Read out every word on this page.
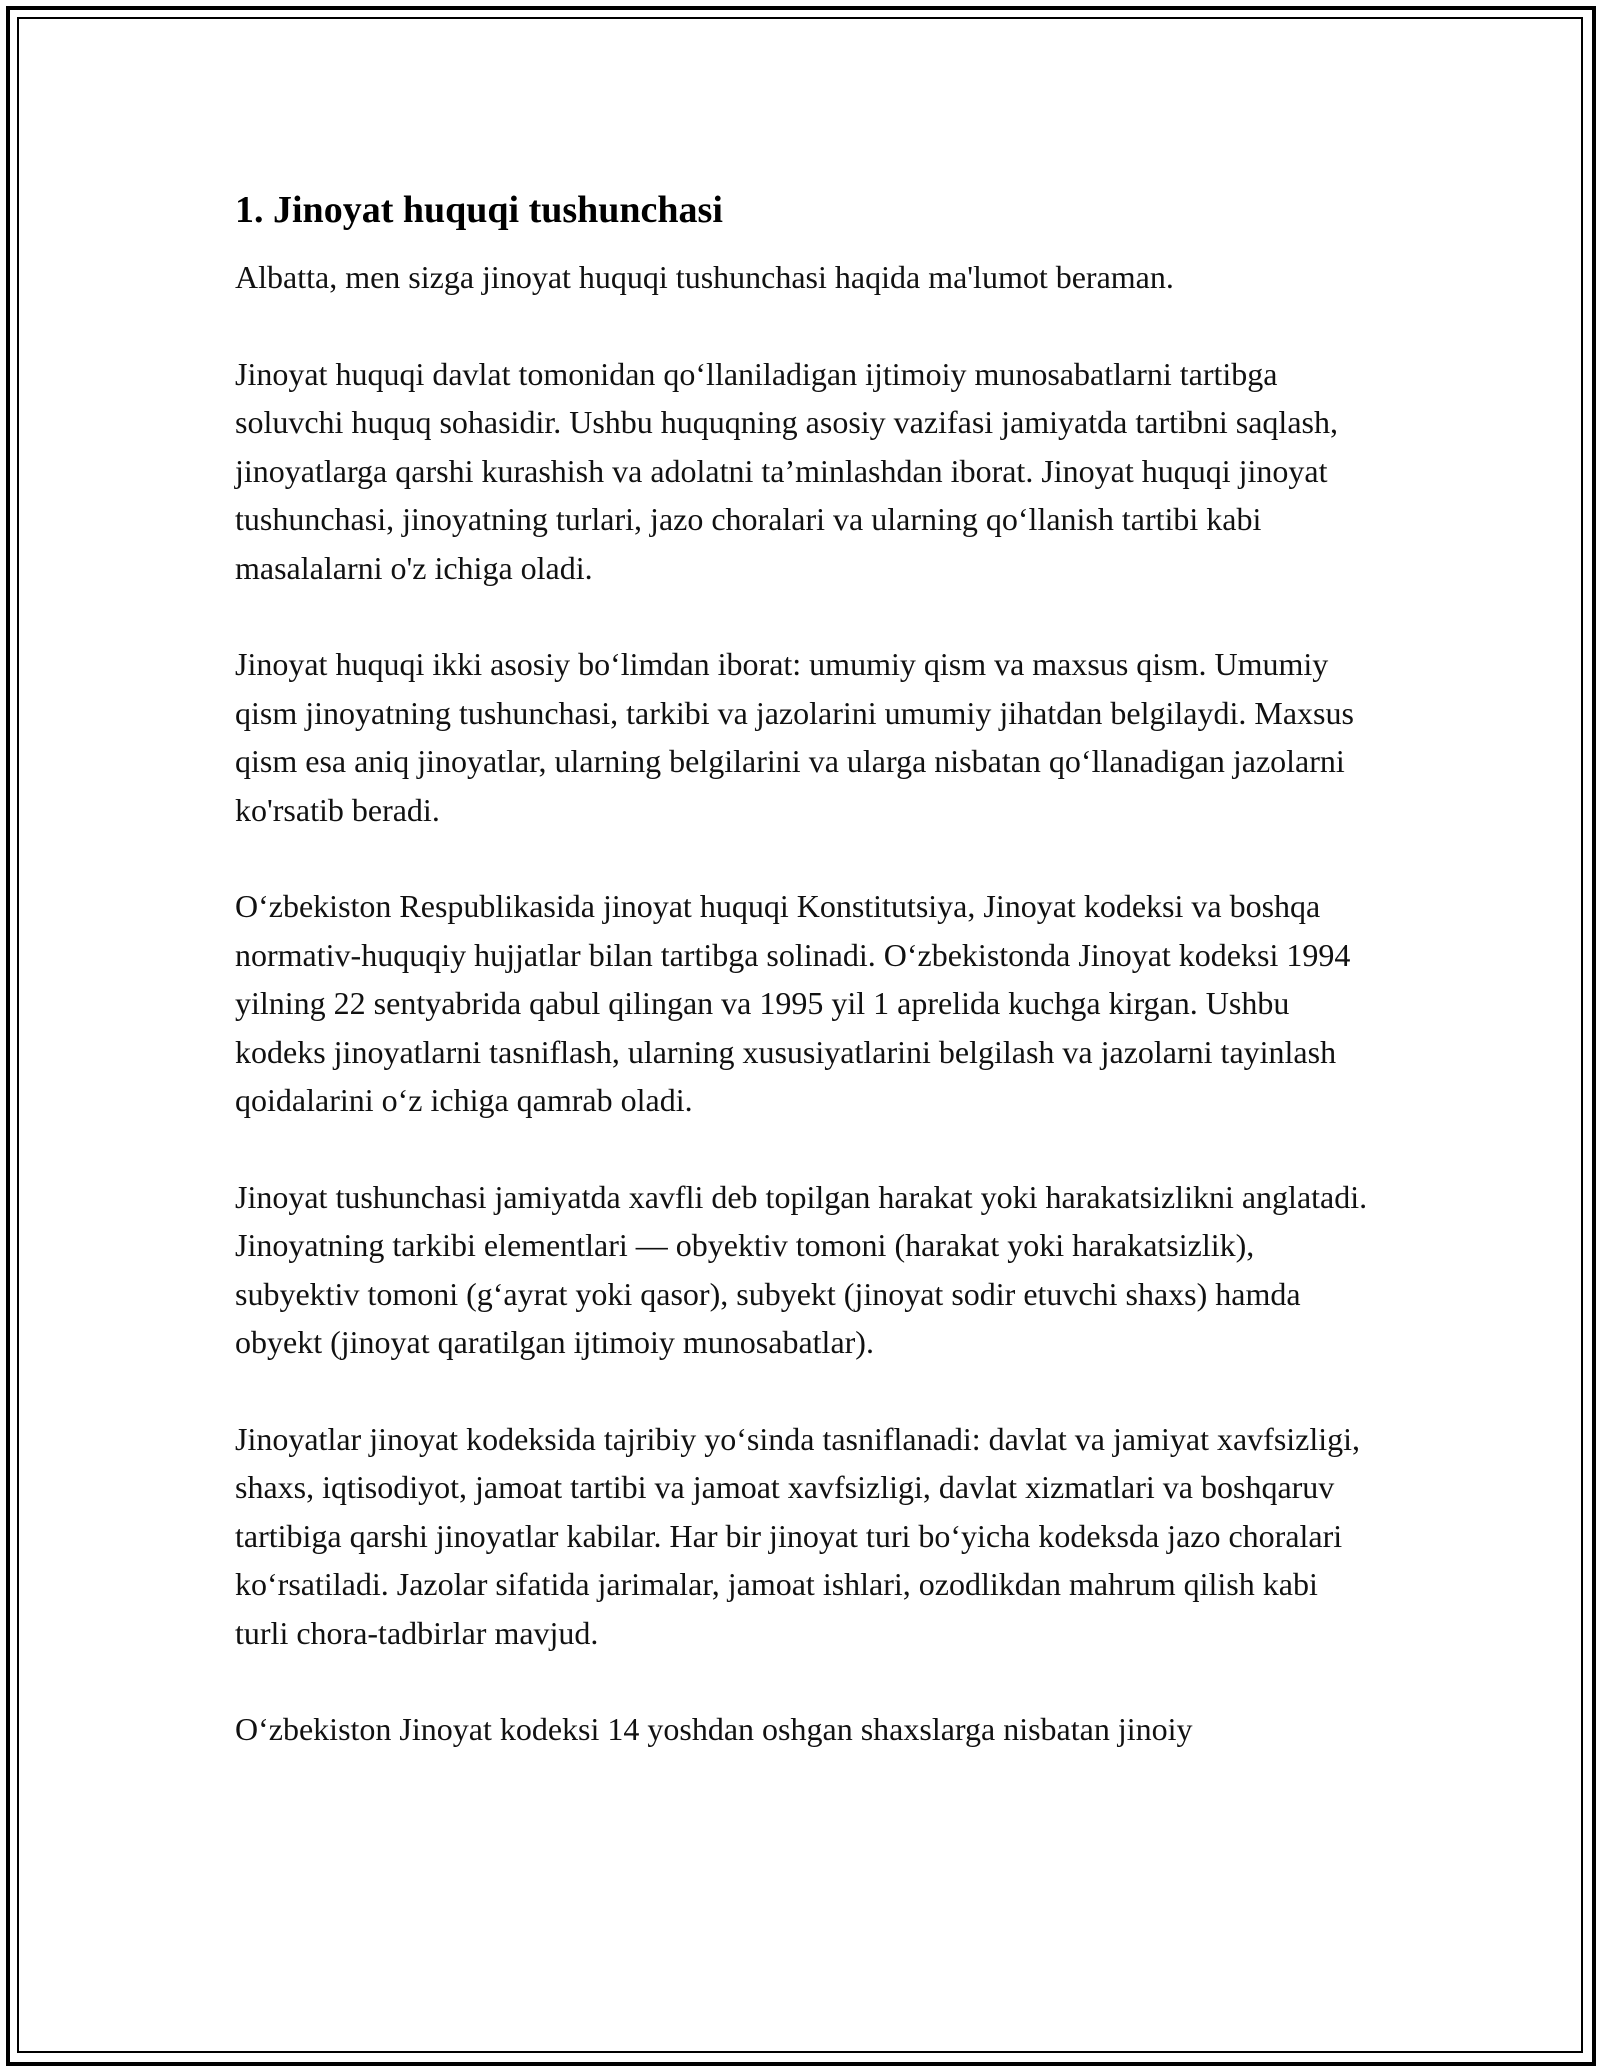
1. Jinoyat huquqi tushunchasi

Albatta, men sizga jinoyat huquqi tushunchasi haqida ma'lumot beraman.

Jinoyat huquqi davlat tomonidan qo‘llaniladigan ijtimoiy munosabatlarni tartibga soluvchi huquq sohasidir. Ushbu huquqning asosiy vazifasi jamiyatda tartibni saqlash, jinoyatlarga qarshi kurashish va adolatni ta’minlashdan iborat. Jinoyat huquqi jinoyat tushunchasi, jinoyatning turlari, jazo choralari va ularning qo‘llanish tartibi kabi masalalarni o'z ichiga oladi.

Jinoyat huquqi ikki asosiy bo‘limdan iborat: umumiy qism va maxsus qism. Umumiy qism jinoyatning tushunchasi, tarkibi va jazolarini umumiy jihatdan belgilaydi. Maxsus qism esa aniq jinoyatlar, ularning belgilarini va ularga nisbatan qo‘llanadigan jazolarni ko'rsatib beradi.

O‘zbekiston Respublikasida jinoyat huquqi Konstitutsiya, Jinoyat kodeksi va boshqa normativ-huquqiy hujjatlar bilan tartibga solinadi. O‘zbekistonda Jinoyat kodeksi 1994 yilning 22 sentyabrida qabul qilingan va 1995 yil 1 aprelida kuchga kirgan. Ushbu kodeks jinoyatlarni tasniflash, ularning xususiyatlarini belgilash va jazolarni tayinlash qoidalarini o‘z ichiga qamrab oladi.

Jinoyat tushunchasi jamiyatda xavfli deb topilgan harakat yoki harakatsizlikni anglatadi. Jinoyatning tarkibi elementlari — obyektiv tomoni (harakat yoki harakatsizlik), subyektiv tomoni (g‘ayrat yoki qasor), subyekt (jinoyat sodir etuvchi shaxs) hamda obyekt (jinoyat qaratilgan ijtimoiy munosabatlar).

Jinoyatlar jinoyat kodeksida tajribiy yo‘sinda tasniflanadi: davlat va jamiyat xavfsizligi, shaxs, iqtisodiyot, jamoat tartibi va jamoat xavfsizligi, davlat xizmatlari va boshqaruv tartibiga qarshi jinoyatlar kabilar. Har bir jinoyat turi bo‘yicha kodeksda jazo choralari ko‘rsatiladi. Jazolar sifatida jarimalar, jamoat ishlari, ozodlikdan mahrum qilish kabi turli chora-tadbirlar mavjud.

O‘zbekiston Jinoyat kodeksi 14 yoshdan oshgan shaxslarga nisbatan jinoiy
